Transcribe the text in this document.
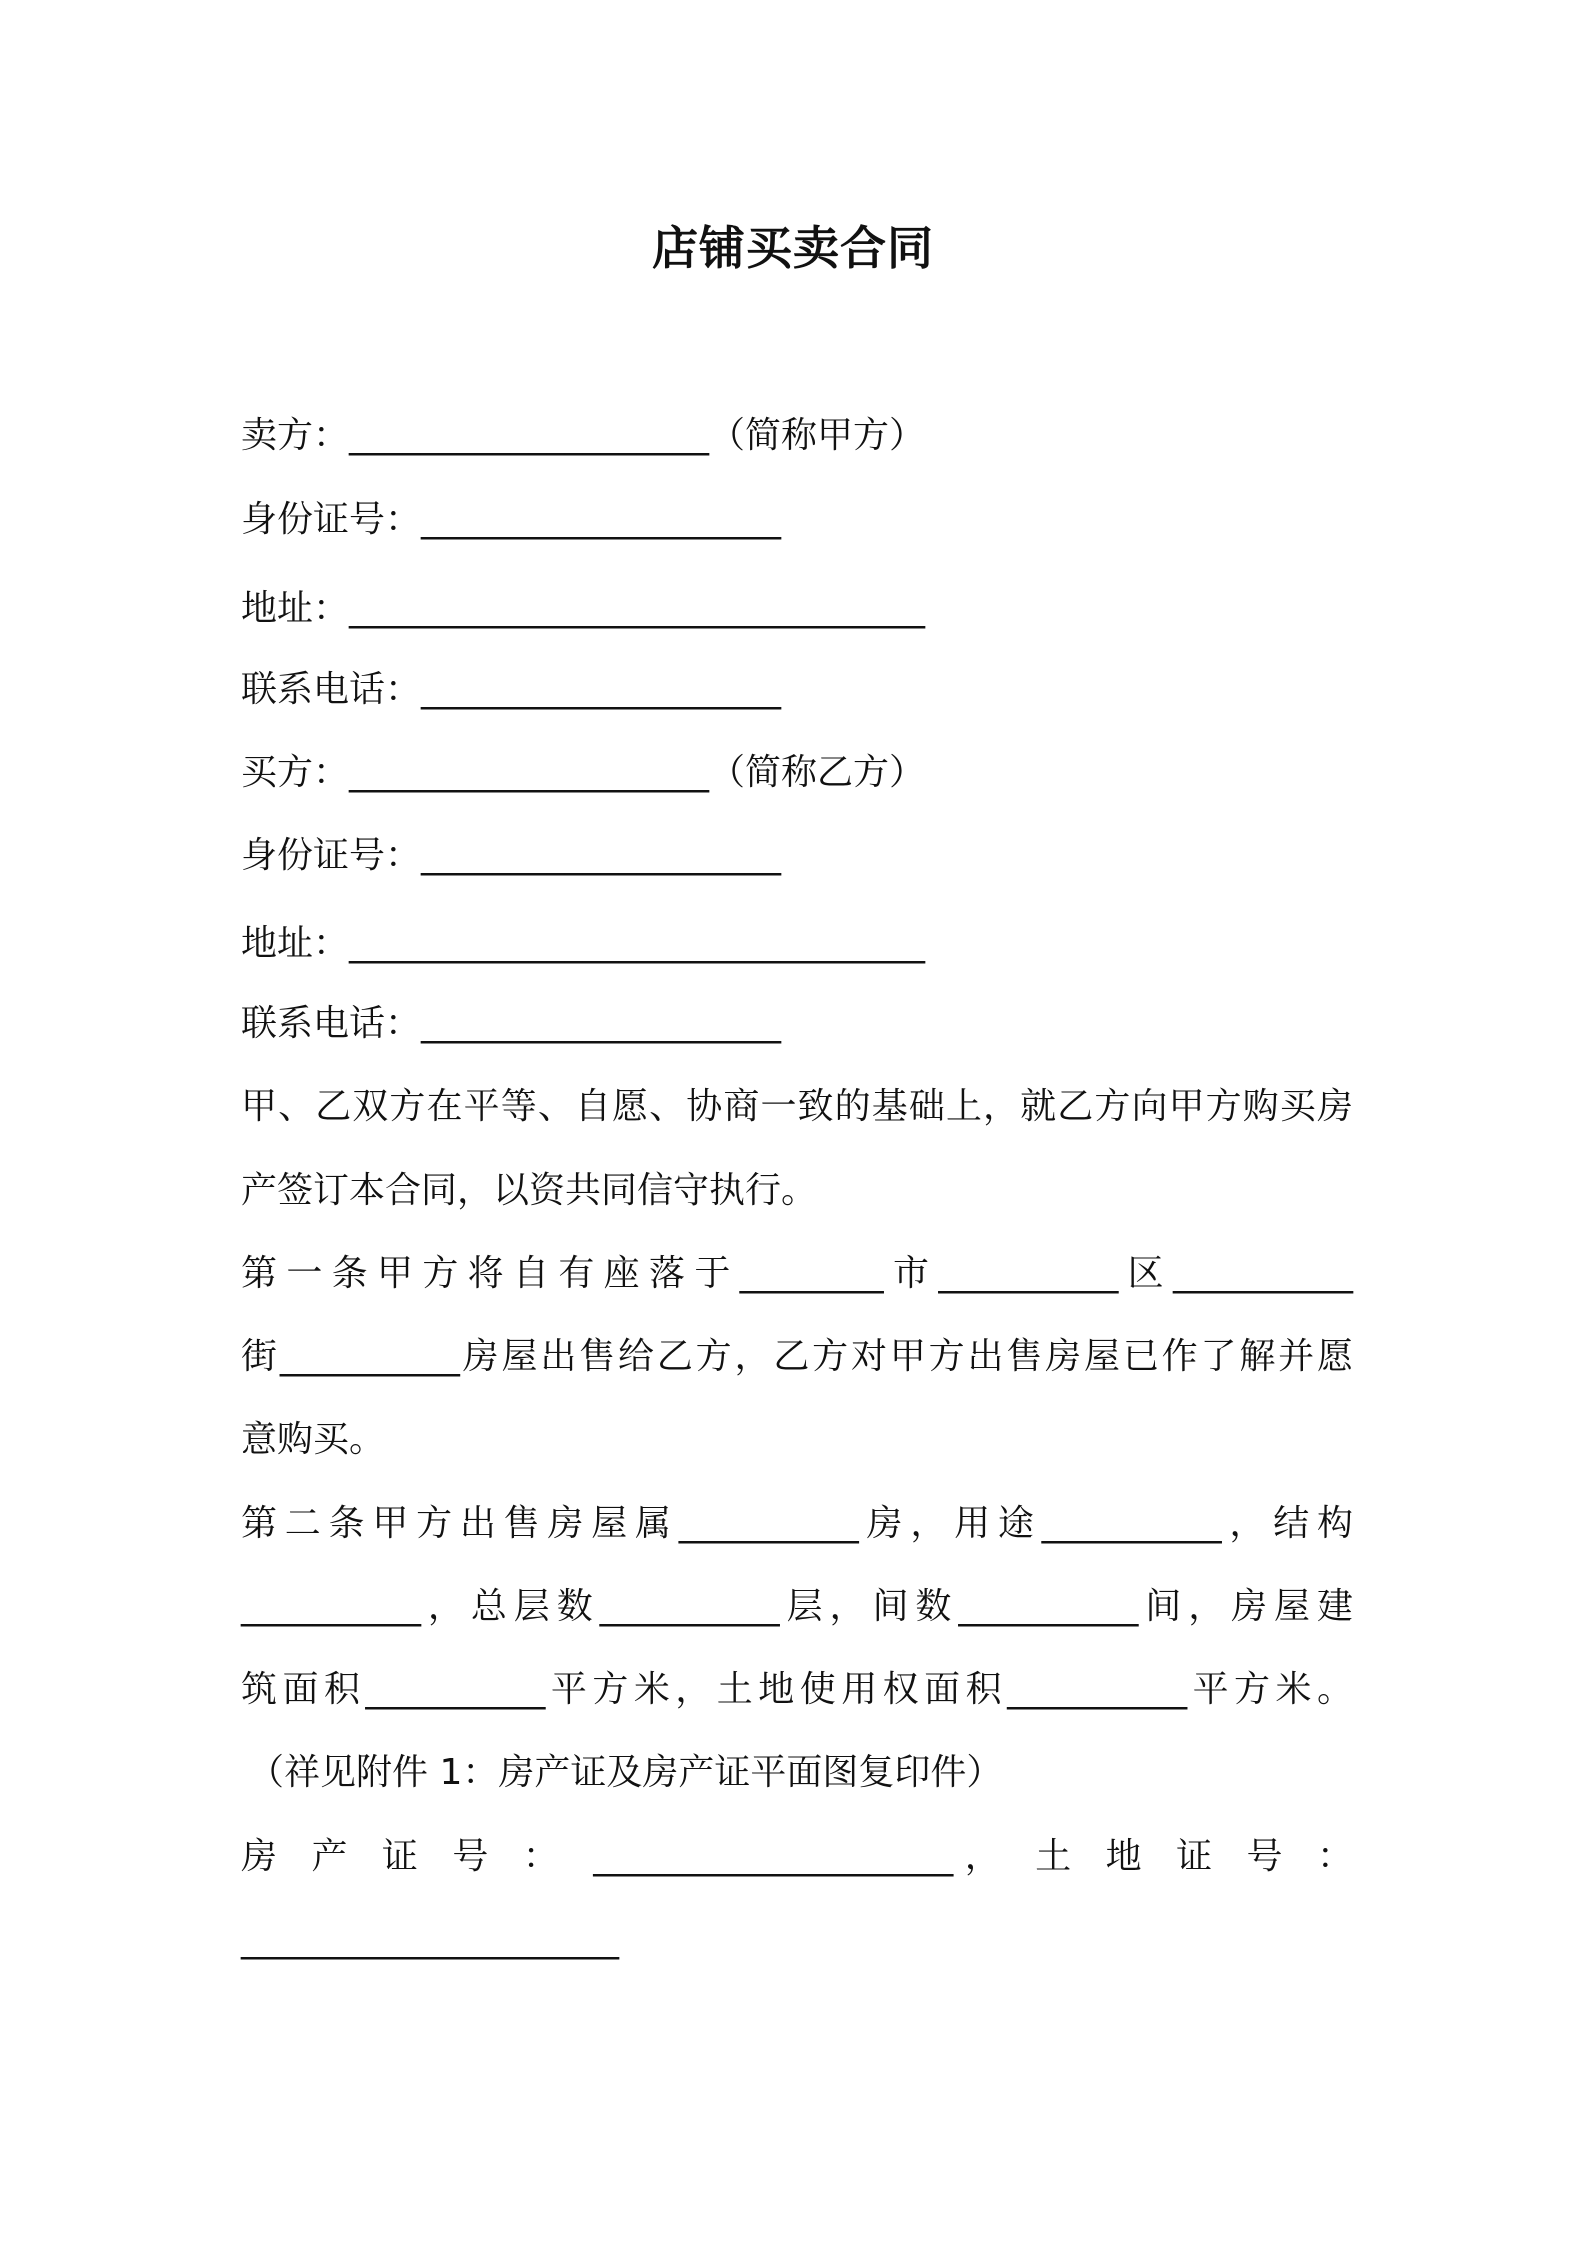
店铺买卖合同
卖方：____________________（简称甲方）
身份证号：____________________
地址：________________________________
联系电话：____________________
买方：____________________（简称乙方）
身份证号：____________________
地址：________________________________
联系电话：____________________
甲、乙双方在平等、自愿、协商一致的基础上，就乙方向甲方购买房
产签订本合同，以资共同信守执行。
第一条甲方将自有座落于________市__________区__________
街__________房屋出售给乙方，乙方对甲方出售房屋已作了解并愿
意购买。
第二条甲方出售房屋属__________房，用途__________，结构
__________，总层数__________层，间数__________间，房屋建
筑面积__________平方米，土地使用权面积__________平方米。
（祥见附件 1：房产证及房产证平面图复印件）
房 产 证 号 ： ____________________， 土 地 证 号 ：
_____________________
